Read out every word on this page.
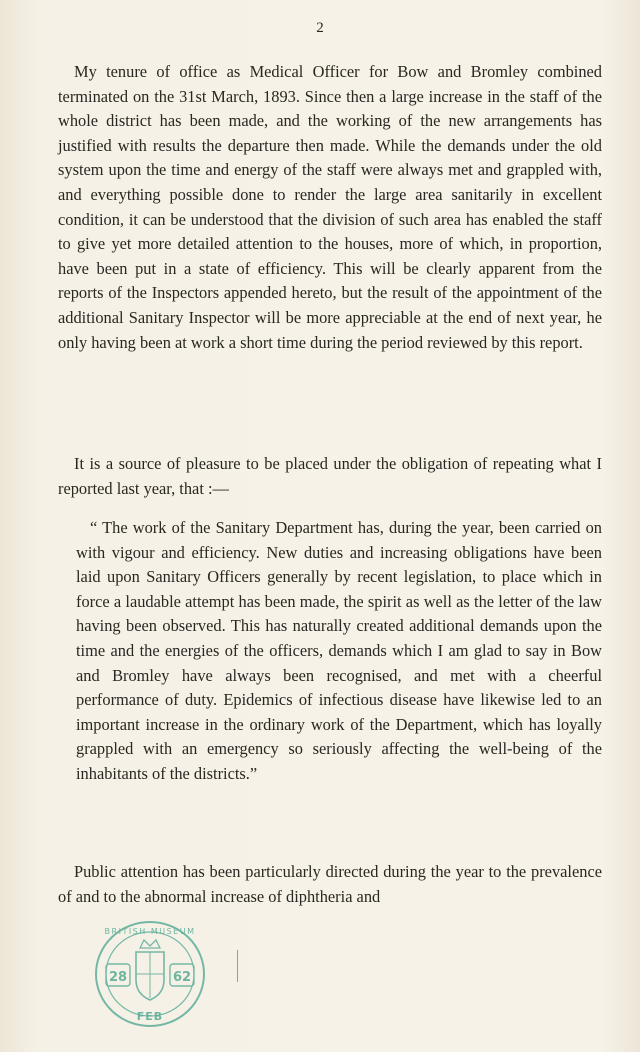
2

My tenure of office as Medical Officer for Bow and Bromley combined terminated on the 31st March, 1893. Since then a large increase in the staff of the whole district has been made, and the working of the new arrangements has justified with results the departure then made. While the demands under the old system upon the time and energy of the staff were always met and grappled with, and everything possible done to render the large area sanitarily in excellent condition, it can be understood that the division of such area has enabled the staff to give yet more detailed attention to the houses, more of which, in proportion, have been put in a state of efficiency. This will be clearly apparent from the reports of the Inspectors appended hereto, but the result of the appointment of the additional Sanitary Inspector will be more appreciable at the end of next year, he only having been at work a short time during the period reviewed by this report.

It is a source of pleasure to be placed under the obligation of repeating what I reported last year, that :—

“ The work of the Sanitary Department has, during the year, been carried on with vigour and efficiency. New duties and increasing obligations have been laid upon Sanitary Officers generally by recent legislation, to place which in force a laudable attempt has been made, the spirit as well as the letter of the law having been observed. This has naturally created additional demands upon the time and the energies of the officers, demands which I am glad to say in Bow and Bromley have always been recognised, and met with a cheerful performance of duty. Epidemics of infectious disease have likewise led to an important increase in the ordinary work of the Department, which has loyally grappled with an emergency so seriously affecting the well-being of the inhabitants of the districts.”

Public attention has been particularly directed during the year to the prevalence of and to the abnormal increase of diphtheria and

BRITISH MUSEUM
28	62
FEB
